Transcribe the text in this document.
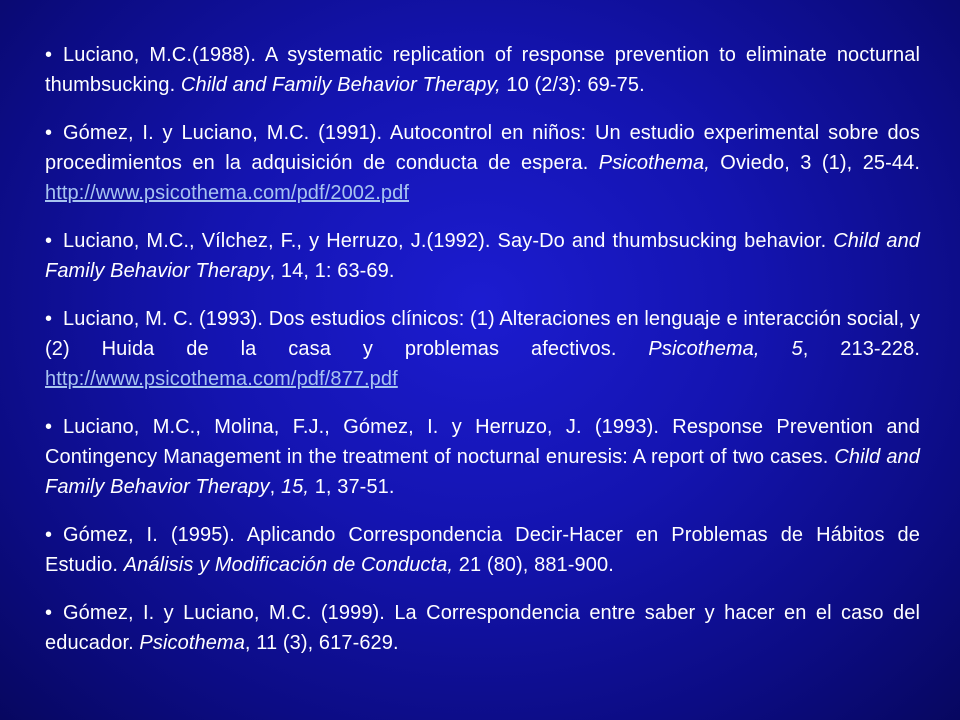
• Luciano, M.C.(1988). A systematic replication of response prevention to eliminate nocturnal thumbsucking. Child and Family Behavior Therapy, 10 (2/3): 69-75.

• Gómez, I. y Luciano, M.C. (1991). Autocontrol en niños: Un estudio experimental sobre dos procedimientos en la adquisición de conducta de espera. Psicothema, Oviedo, 3 (1), 25-44. http://www.psicothema.com/pdf/2002.pdf

• Luciano, M.C., Vílchez, F., y Herruzo, J.(1992). Say-Do and thumbsucking behavior. Child and Family Behavior Therapy, 14, 1: 63-69.

• Luciano, M. C. (1993). Dos estudios clínicos: (1) Alteraciones en lenguaje e interacción social, y (2) Huida de la casa y problemas afectivos. Psicothema, 5, 213-228. http://www.psicothema.com/pdf/877.pdf

• Luciano, M.C., Molina, F.J., Gómez, I. y Herruzo, J. (1993). Response Prevention and Contingency Management in the treatment of nocturnal enuresis: A report of two cases. Child and Family Behavior Therapy, 15, 1, 37-51.

• Gómez, I. (1995). Aplicando Correspondencia Decir-Hacer en Problemas de Hábitos de Estudio. Análisis y Modificación de Conducta, 21 (80), 881-900.

• Gómez, I. y Luciano, M.C. (1999). La Correspondencia entre saber y hacer en el caso del educador. Psicothema, 11 (3), 617-629.
